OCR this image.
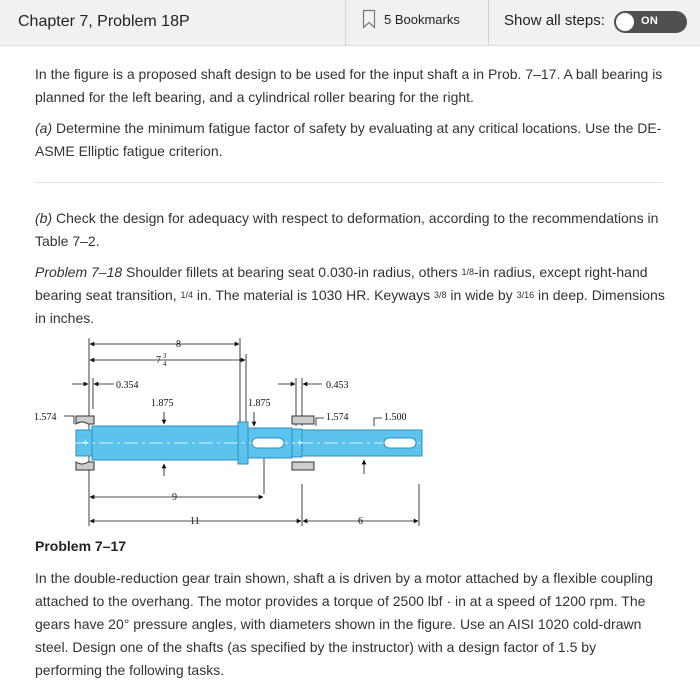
Chapter 7, Problem 18P	5 Bookmarks	Show all steps:	ON
In the figure is a proposed shaft design to be used for the input shaft a in Prob. 7–17. A ball bearing is planned for the left bearing, and a cylindrical roller bearing for the right.
(a) Determine the minimum fatigue factor of safety by evaluating at any critical locations. Use the DE-ASME Elliptic fatigue criterion.
(b) Check the design for adequacy with respect to deformation, according to the recommendations in Table 7–2.
Problem 7–18 Shoulder fillets at bearing seat 0.030-in radius, others 1/8-in radius, except right-hand bearing seat transition, 1/4 in. The material is 1030 HR. Keyways 3/8 in wide by 3/16 in deep. Dimensions in inches.
+	+
8
7 3
4
0.354	0.453
1.875	1.875
1.574	1.574	1.500
9
11	6
Problem 7–17
In the double-reduction gear train shown, shaft a is driven by a motor attached by a flexible coupling attached to the overhang. The motor provides a torque of 2500 lbf · in at a speed of 1200 rpm. The gears have 20° pressure angles, with diameters shown in the figure. Use an AISI 1020 cold-drawn steel. Design one of the shafts (as specified by the instructor) with a design factor of 1.5 by performing the following tasks.
